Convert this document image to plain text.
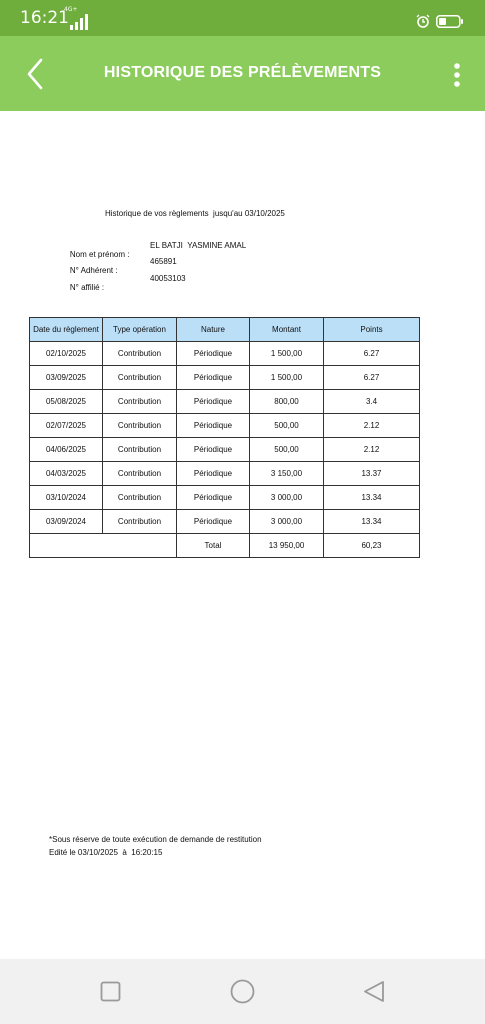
16:21
4G+
HISTORIQUE DES PRÉLÈVEMENTS
Historique de vos règlements  jusqu'au 03/10/2025

Nom et prénom :

EL BATJI  YASMINE AMAL

N° Adhérent :

465891

N° affilié :

40053103

Date du règlement	Type opération	Nature	Montant	Points
02/10/2025	Contribution	Périodique	1 500,00	6.27
03/09/2025	Contribution	Périodique	1 500,00	6.27
05/08/2025	Contribution	Périodique	800,00	3.4
02/07/2025	Contribution	Périodique	500,00	2.12
04/06/2025	Contribution	Périodique	500,00	2.12
04/03/2025	Contribution	Périodique	3 150,00	13.37
03/10/2024	Contribution	Périodique	3 000,00	13.34
03/09/2024	Contribution	Périodique	3 000,00	13.34
		Total	13 950,00	60,23
*Sous réserve de toute exécution de demande de restitution
Edité le 03/10/2025  à  16:20:15
